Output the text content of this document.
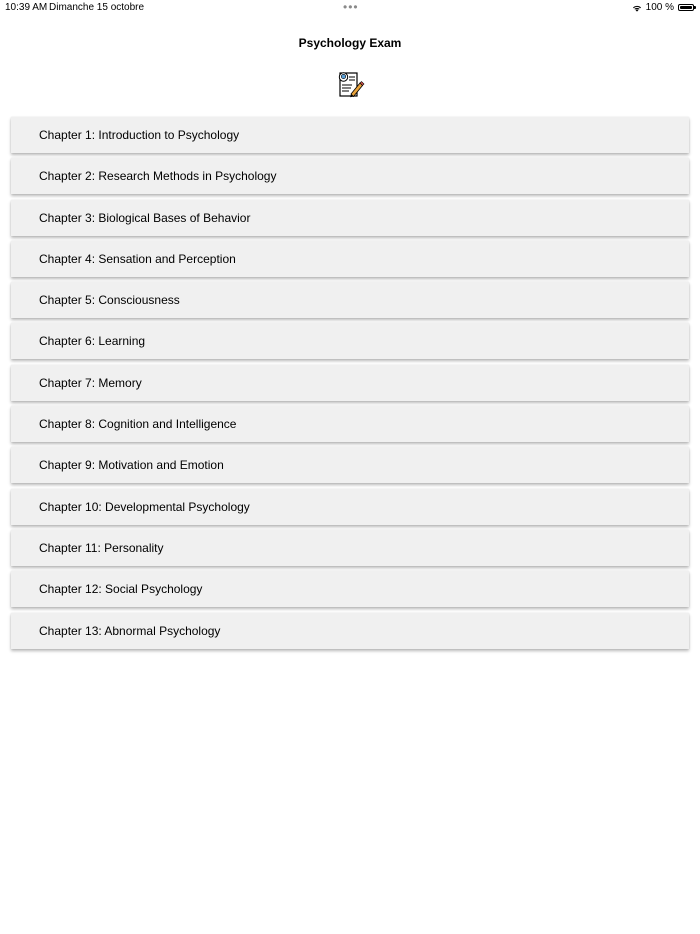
10:39 AM Dimanche 15 octobre	•••	100 %
Psychology Exam
Chapter 1: Introduction to Psychology
Chapter 2: Research Methods in Psychology
Chapter 3: Biological Bases of Behavior
Chapter 4: Sensation and Perception
Chapter 5: Consciousness
Chapter 6: Learning
Chapter 7: Memory
Chapter 8: Cognition and Intelligence
Chapter 9: Motivation and Emotion
Chapter 10: Developmental Psychology
Chapter 11: Personality
Chapter 12: Social Psychology
Chapter 13: Abnormal Psychology
